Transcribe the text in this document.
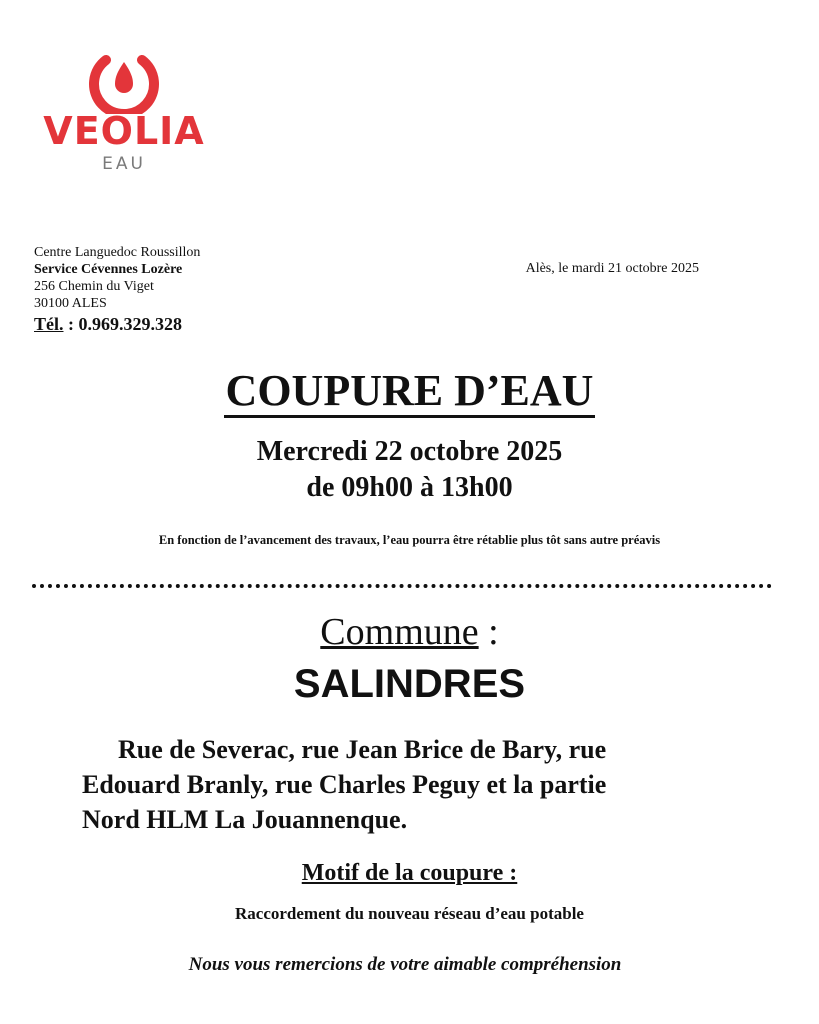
VEOLIA
EAU
Centre Languedoc Roussillon
Service Cévennes Lozère
256 Chemin du Viget
30100 ALES
Tél. : 0.969.329.328
Alès, le mardi 21 octobre 2025
COUPURE D’EAU
Mercredi 22 octobre 2025
de 09h00 à 13h00
En fonction de l’avancement des travaux, l’eau pourra être rétablie plus tôt sans autre préavis
Commune :
SALINDRES
Rue de Severac, rue Jean Brice de Bary, rue
Edouard Branly, rue Charles Peguy et la partie
Nord HLM La Jouannenque.
Motif de la coupure :
Raccordement du nouveau réseau d’eau potable
Nous vous remercions de votre aimable compréhension
